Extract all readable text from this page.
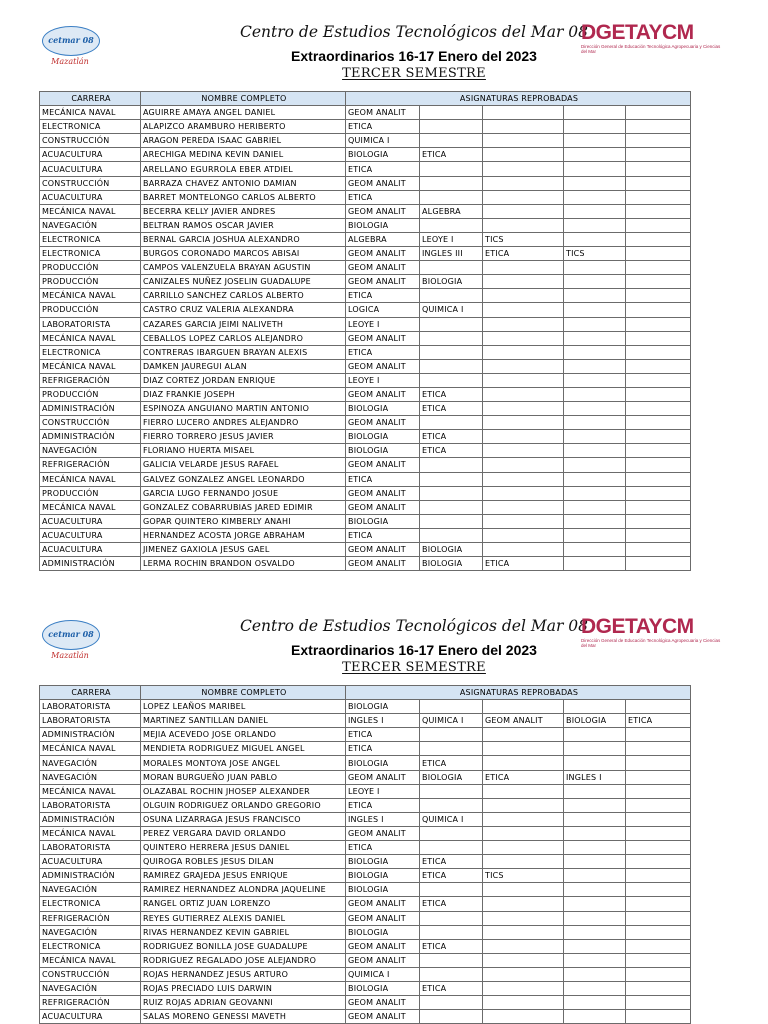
cetmar 08
Mazatlán
Centro de Estudios Tecnológicos del Mar 08
DGETAYCM
Dirección General de Educación Tecnológica Agropecuaria y Ciencias del Mar
Extraordinarios 16-17 Enero del 2023
TERCER SEMESTRE
CARRERA	NOMBRE COMPLETO	ASIGNATURAS REPROBADAS				
MECÁNICA NAVAL	AGUIRRE AMAYA ANGEL DANIEL	GEOM ANALIT				
ELECTRONICA	ALAPIZCO ARAMBURO HERIBERTO	ETICA				
CONSTRUCCIÓN	ARAGON PEREDA ISAAC GABRIEL	QUIMICA I				
ACUACULTURA	ARECHIGA MEDINA KEVIN DANIEL	BIOLOGIA	ETICA			
ACUACULTURA	ARELLANO EGURROLA EBER ATDIEL	ETICA				
CONSTRUCCIÓN	BARRAZA CHAVEZ ANTONIO DAMIAN	GEOM ANALIT				
ACUACULTURA	BARRET MONTELONGO CARLOS ALBERTO	ETICA				
MECÁNICA NAVAL	BECERRA KELLY JAVIER ANDRES	GEOM ANALIT	ALGEBRA			
NAVEGACIÓN	BELTRAN RAMOS OSCAR JAVIER	BIOLOGIA				
ELECTRONICA	BERNAL GARCIA JOSHUA ALEXANDRO	ALGEBRA	LEOYE I	TICS		
ELECTRONICA	BURGOS CORONADO MARCOS ABISAI	GEOM ANALIT	INGLES III	ETICA	TICS	
PRODUCCIÓN	CAMPOS VALENZUELA BRAYAN AGUSTIN	GEOM ANALIT				
PRODUCCIÓN	CANIZALES NUÑEZ JOSELIN GUADALUPE	GEOM ANALIT	BIOLOGIA			
MECÁNICA NAVAL	CARRILLO SANCHEZ CARLOS ALBERTO	ETICA				
PRODUCCIÓN	CASTRO CRUZ VALERIA ALEXANDRA	LOGICA	QUIMICA I			
LABORATORISTA	CAZARES GARCIA JEIMI NALIVETH	LEOYE I				
MECÁNICA NAVAL	CEBALLOS LOPEZ CARLOS ALEJANDRO	GEOM ANALIT				
ELECTRONICA	CONTRERAS IBARGUEN BRAYAN ALEXIS	ETICA				
MECÁNICA NAVAL	DAMKEN JAUREGUI ALAN	GEOM ANALIT				
REFRIGERACIÓN	DIAZ CORTEZ JORDAN ENRIQUE	LEOYE I				
PRODUCCIÓN	DIAZ FRANKIE JOSEPH	GEOM ANALIT	ETICA			
ADMINISTRACIÓN	ESPINOZA ANGUIANO MARTIN ANTONIO	BIOLOGIA	ETICA			
CONSTRUCCIÓN	FIERRO LUCERO ANDRES ALEJANDRO	GEOM ANALIT				
ADMINISTRACIÓN	FIERRO TORRERO JESUS JAVIER	BIOLOGIA	ETICA			
NAVEGACIÓN	FLORIANO HUERTA MISAEL	BIOLOGIA	ETICA			
REFRIGERACIÓN	GALICIA VELARDE JESUS RAFAEL	GEOM ANALIT				
MECÁNICA NAVAL	GALVEZ GONZALEZ ANGEL LEONARDO	ETICA				
PRODUCCIÓN	GARCIA LUGO FERNANDO JOSUE	GEOM ANALIT				
MECÁNICA NAVAL	GONZALEZ COBARRUBIAS JARED EDIMIR	GEOM ANALIT				
ACUACULTURA	GOPAR QUINTERO KIMBERLY ANAHI	BIOLOGIA				
ACUACULTURA	HERNANDEZ ACOSTA JORGE ABRAHAM	ETICA				
ACUACULTURA	JIMENEZ GAXIOLA JESUS GAEL	GEOM ANALIT	BIOLOGIA			
ADMINISTRACIÓN	LERMA ROCHIN BRANDON OSVALDO	GEOM ANALIT	BIOLOGIA	ETICA		
cetmar 08
Mazatlán
Centro de Estudios Tecnológicos del Mar 08
DGETAYCM
Dirección General de Educación Tecnológica Agropecuaria y Ciencias del Mar
Extraordinarios 16-17 Enero del 2023
TERCER SEMESTRE
CARRERA	NOMBRE COMPLETO	ASIGNATURAS REPROBADAS				
LABORATORISTA	LOPEZ LEAÑOS MARIBEL	BIOLOGIA				
LABORATORISTA	MARTINEZ SANTILLAN DANIEL	INGLES I	QUIMICA I	GEOM ANALIT	BIOLOGIA	ETICA
ADMINISTRACIÓN	MEJIA ACEVEDO JOSE ORLANDO	ETICA				
MECÁNICA NAVAL	MENDIETA RODRIGUEZ MIGUEL ANGEL	ETICA				
NAVEGACIÓN	MORALES MONTOYA JOSE ANGEL	BIOLOGIA	ETICA			
NAVEGACIÓN	MORAN BURGUEÑO JUAN PABLO	GEOM ANALIT	BIOLOGIA	ETICA	INGLES I	
MECÁNICA NAVAL	OLAZABAL ROCHIN JHOSEP ALEXANDER	LEOYE I				
LABORATORISTA	OLGUIN RODRIGUEZ ORLANDO GREGORIO	ETICA				
ADMINISTRACIÓN	OSUNA LIZARRAGA JESUS FRANCISCO	INGLES I	QUIMICA I			
MECÁNICA NAVAL	PEREZ VERGARA DAVID ORLANDO	GEOM ANALIT				
LABORATORISTA	QUINTERO HERRERA JESUS DANIEL	ETICA				
ACUACULTURA	QUIROGA ROBLES JESUS DILAN	BIOLOGIA	ETICA			
ADMINISTRACIÓN	RAMIREZ GRAJEDA JESUS ENRIQUE	BIOLOGIA	ETICA	TICS		
NAVEGACIÓN	RAMIREZ HERNANDEZ ALONDRA JAQUELINE	BIOLOGIA				
ELECTRONICA	RANGEL ORTIZ JUAN LORENZO	GEOM ANALIT	ETICA			
REFRIGERACIÓN	REYES GUTIERREZ ALEXIS DANIEL	GEOM ANALIT				
NAVEGACIÓN	RIVAS HERNANDEZ KEVIN GABRIEL	BIOLOGIA				
ELECTRONICA	RODRIGUEZ BONILLA JOSE GUADALUPE	GEOM ANALIT	ETICA			
MECÁNICA NAVAL	RODRIGUEZ REGALADO JOSE ALEJANDRO	GEOM ANALIT				
CONSTRUCCIÓN	ROJAS HERNANDEZ JESUS ARTURO	QUIMICA I				
NAVEGACIÓN	ROJAS PRECIADO LUIS DARWIN	BIOLOGIA	ETICA			
REFRIGERACIÓN	RUIZ ROJAS ADRIAN GEOVANNI	GEOM ANALIT				
ACUACULTURA	SALAS MORENO GENESSI MAVETH	GEOM ANALIT				
